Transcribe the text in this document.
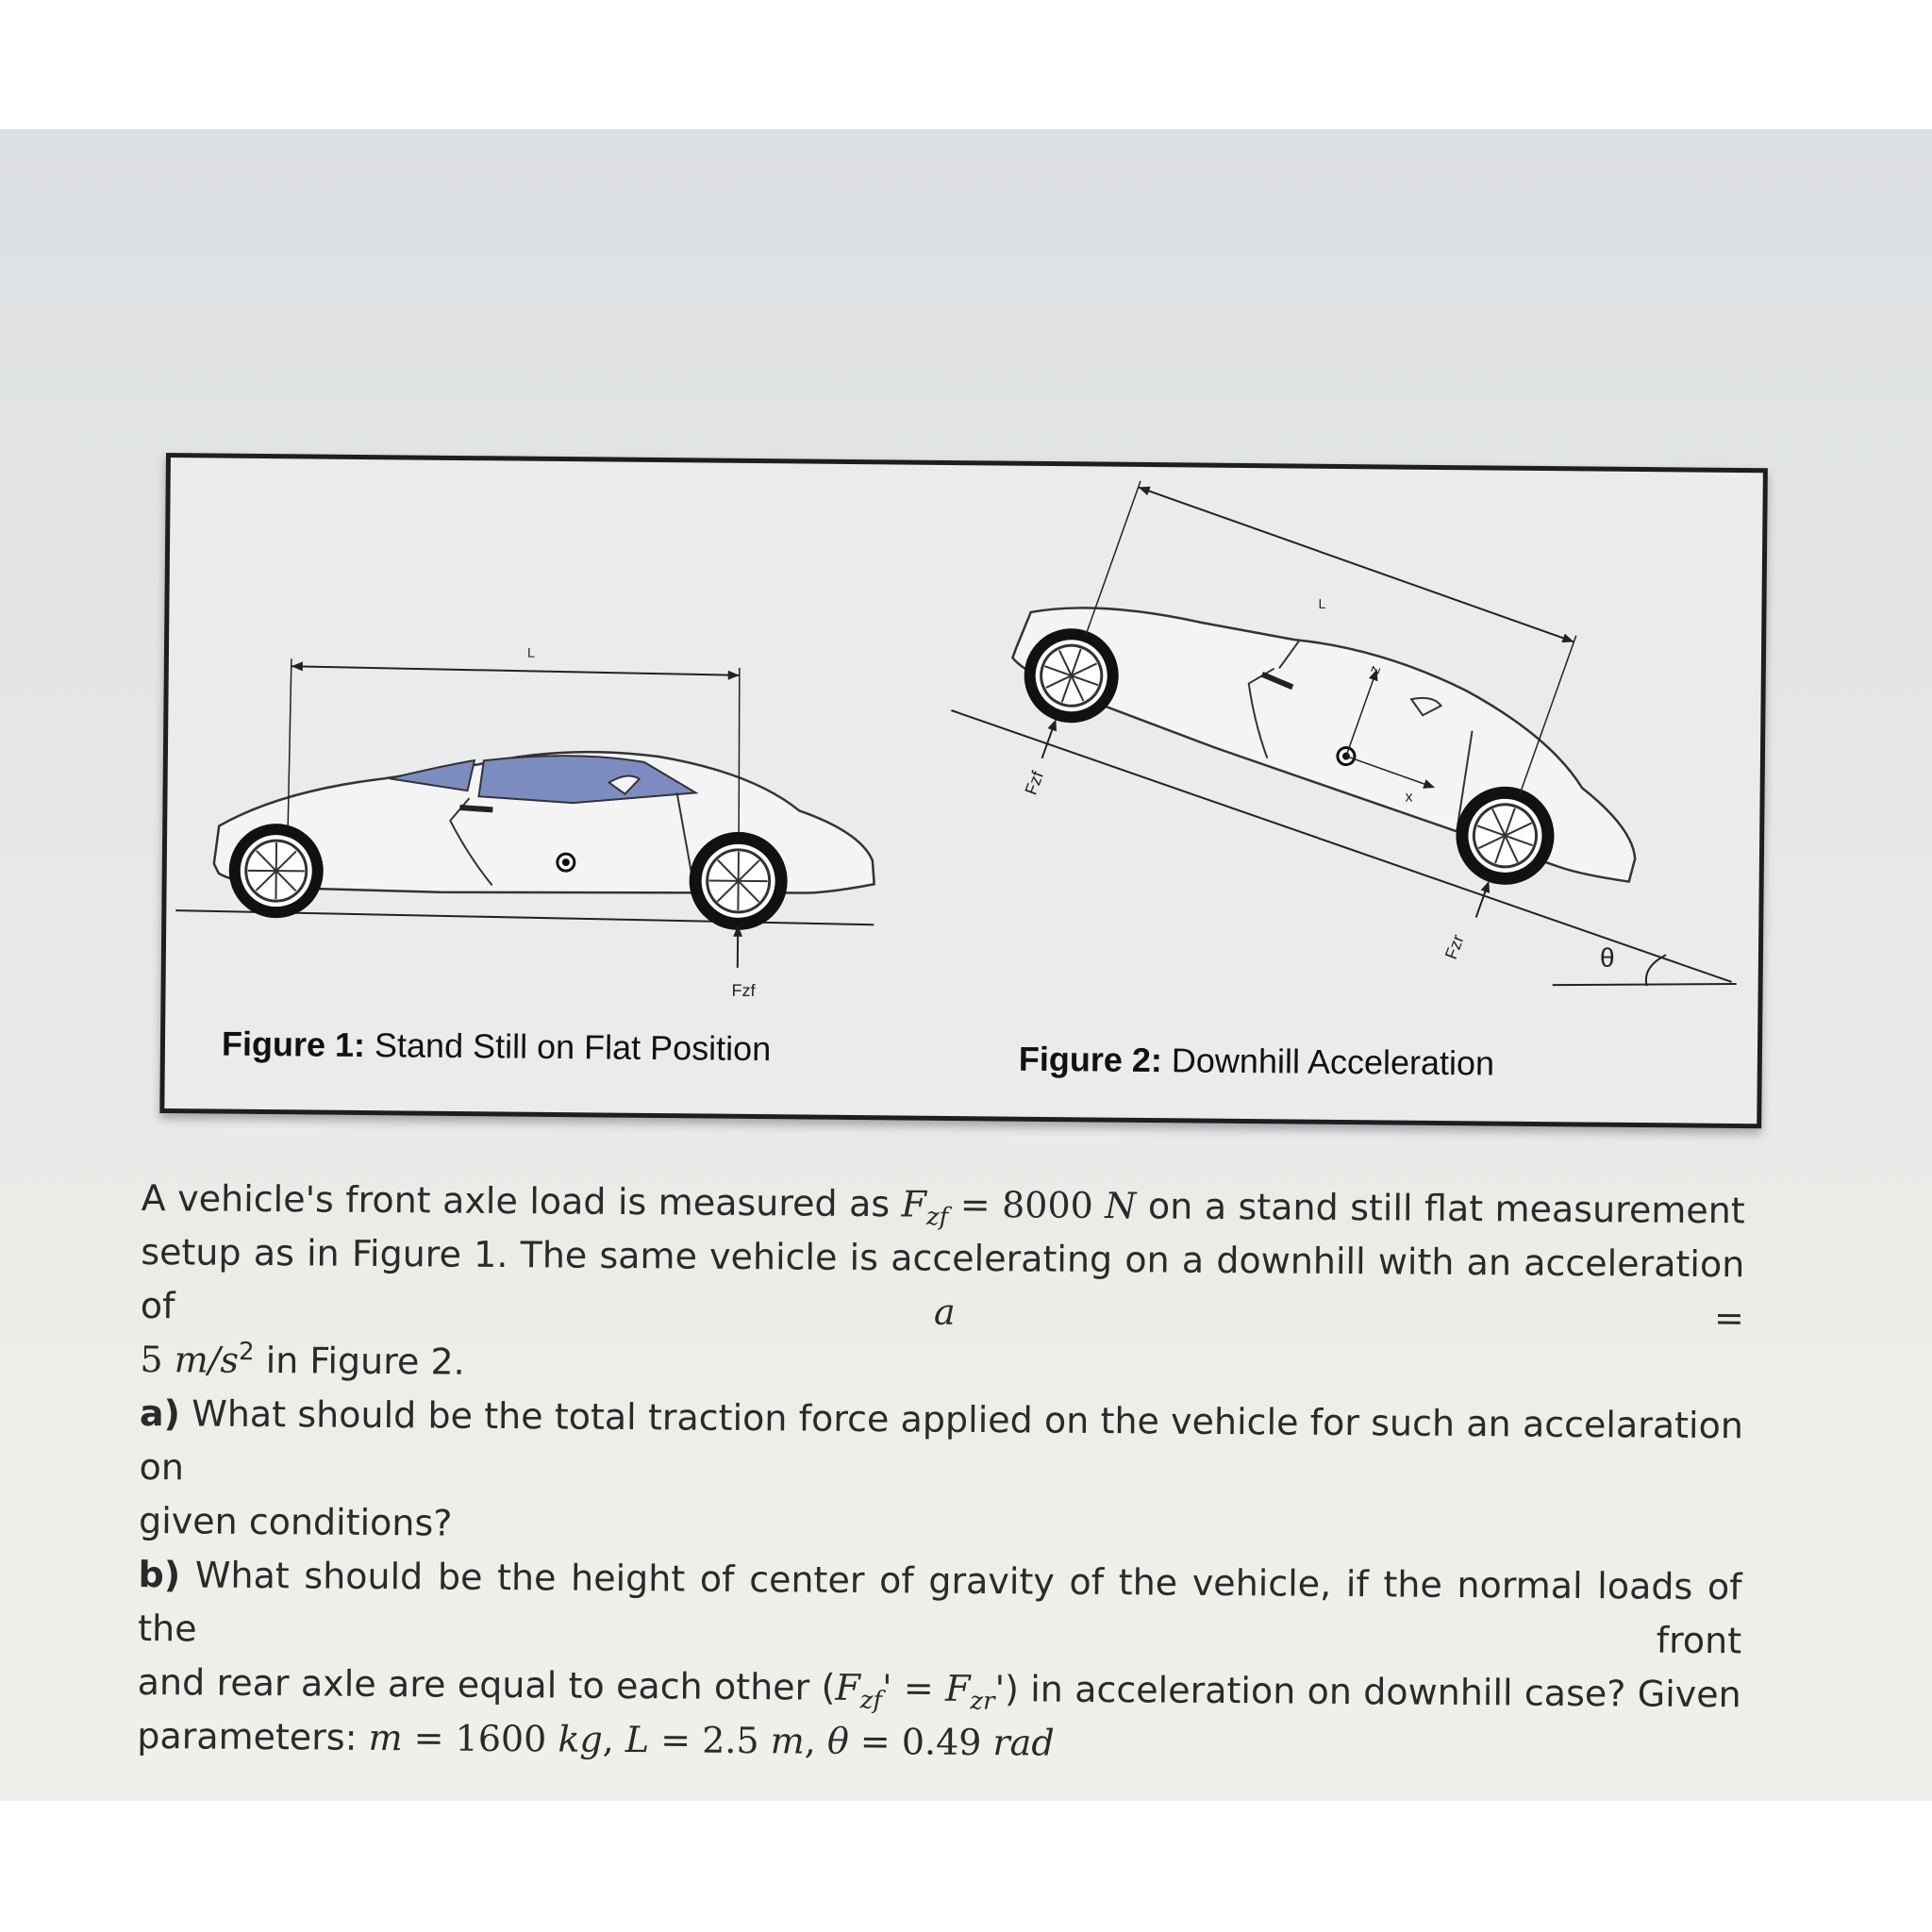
L
Fzf
L
z
x
Fzf
Fzr	θ
Figure 1: Stand Still on Flat Position	Figure 2: Downhill Acceleration
A vehicle's front axle load is measured as $F_{zf} = 8000$ N on a stand still flat measurement
setup as in Figure 1. The same vehicle is accelerating on a downhill with an acceleration of	a =
5 $m/s^2$ in Figure 2.
a) What should be the total traction force applied on the vehicle for such an accelaration on
given conditions?
b) What should be the height of center of gravity of the vehicle, if the normal loads of the front
and rear axle are equal to each other $(F_{zf}' = F_{zr}')$ in acceleration on downhill case? Given
parameters: m = 1600 kg, L = 2.5 m, θ = 0.49 rad
